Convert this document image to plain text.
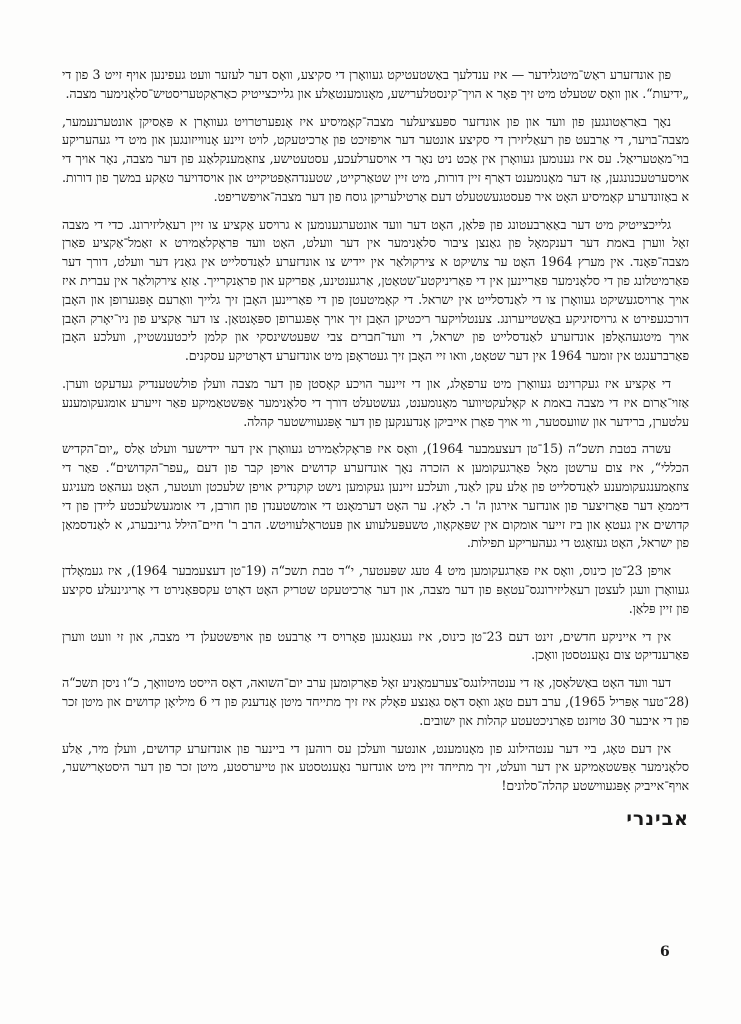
פון אונדזערע ראַש־מיטגלידער — איז ענדלעך באַשטעטיקט געוואָרן די סקיצע, וואָס דער לעזער וועט געפינען אויף זייט 3 פון די „ידיעות“. און וואָס שטעלט מיט זיך פאָר א הויך־קינסטלערישע, מאָנומענטאַלע און גלייכצייטיק כאַראַקטעריסטיש־סלאָנימער מצבה.

נאָך באַראַטונגען פון וועד און פון אונדזער ספּעציעלער מצבה־קאָמיסיע איז אָנפערטרויט געוואָרן א פּאַסיקן אונטערנעמער, מצבה־בויער, די אַרבעט פון רעאַליזירן די סקיצע אונטער דער אויפזיכט פון אַרכיטעקט, לויט זיינע אָנווייזונגען און מיט די געהעריקע בוי־מאַטעריאַל. עס איז גענומען געוואָרן אין אַכט ניט נאָר די אויסערלעכע, עסטעטישע, צוזאַמענקלאַנג פון דער מצבה, נאָר אויך די אויסערטעכנונגען, אַז דער מאָנומענט דאַרף זיין דורות, מיט זיין שטאַרקייט, שטענדהאַפטיקייט און אויסדויער טאַקע במשך פון דורות. א באַזונדערע קאָמיסיע האָט איר פעסטגעשטעלט דעם אַרטילעריקן גוסח פון דער מצבה־אויפשריפט.

גלייכצייטיק מיט דער באַאַרבעטונג פון פּלאַן, האָט דער וועד אונטערגענומען א גרויסע אַקציע צו זיין רעאַליזירונג. כדי די מצבה זאָל ווערן באמת דער דענקמאָל פון גאַנצן ציבור סלאָנימער אין דער וועלט, האָט וועד פּראָקלאַמירט א זאַמל־אַקציע פאַרן מצבה־פאָנד. אין מערץ 1964 האָט ער צושיקט א צירקולאַר אין יידיש צו אונדזערע לאַנדסלייט אין גאַנץ דער וועלט, דורך דער פאַרמיטלונג פון די סלאָנימער פאַריינען אין די פאַריניקטע־שטאַטן, אַרגענטינע, אַפריקע און פראַנקרייך. אַזאַ צירקולאַר אין עברית איז אויך אַרויסגעשיקט געוואָרן צו די לאַנדסלייט אין ישראל. די קאָמיטעטן פון די פאַריינען האָבן זיך גלייך וואַרעם אָפּגערופן און האָבן דורכגעפירט א גרויסזיגיקע באַשטייערונג. צענטלויקער ריכטיקן האָבן זיך אויך אָפּגערופן ספּאָנטאַן. צו דער אַקציע פון ניו־יאָרק האָבן אויך מיטגעהאָלפן אונדזערע לאַנדסלייט פון ישראל, די וועד־חברים צבי שפּעטשינסקי און קלמן ליכטענשטיין, וועלכע האָבן פאַרברענגט אין זומער 1964 אין דער שטאָט, וואו זיי האָבן זיך געטראָפן מיט אונדזערע דאָרטיקע עסקנים.

די אַקציע איז געקרוינט געוואָרן מיט ערפאָלג, און די זיינער הויכע קאָסטן פון דער מצבה וועלן פולשטענדיק געדעקט ווערן. אַזוי־אַרום איז די מצבה באמת א קאָלעקטיווער מאָנומענט, געשטעלט דורך די סלאָנימער אַפּשטאַמיקע פאַר זייערע אומגעקומענע עלטערן, ברידער און שוועסטער, ווי אויך פאַרן אייביקן אָנדענקען פון דער אָפּגעווישטער קהלה.

עשרה בטבת תשכ“ה (15־טן דעצעמבער 1964), וואָס איז פּראָקלאַמירט געוואָרן אין דער יידישער וועלט אַלס „יום־הקדיש הכללי“, איז צום ערשטן מאָל פאַרגעקומען א הזכרה נאָך אונדזערע קדושים אויפן קבר פון דעם „עפר־הקדושים“. פאַר די צוזאַמענגעקומענע לאַנדסלייט פון אַלע עקן לאַנד, וועלכע זיינען געקומען נישט קוקנדיק אויפן שלעכטן וועטער, האָט געהאַט מעניגע דיממאַ דער פאַרזיצער פון אונדזער אירגון ה' ר. לאַץ. ער האָט דערמאָנט די אומשטענדן פון חורבן, די אומגעשלעכטע ליידן פון די קדושים אין געטאָ און ביז זייער אומקום אין שפּאַקאָוו, טשעפּעלעווע און פּעטראַלעוויטש. הרב ר' חיים־הילל גרינבערג, א לאַנדסמאַן פון ישראל, האָט געזאָגט די געהעריקע תפילות.

אויפן 23־טן כינוס, וואָס איז פאַרגעקומען מיט 4 טעג שפּעטער, י“ד טבת תשכ“ה (19־טן דעצעמבער 1964), איז געמאָלדן געוואָרן וועגן לעצטן רעאַליזירונגס־עטאַפּ פון דער מצבה, און דער אַרכיטעקט שטריק האָט דאָרט עקספּאָנירט די אָריגינעלע סקיצע פון זיין פּלאַן.

אין די אייניקע חדשים, זינט דעם 23־טן כינוס, איז געגאַנגען פאָרויס די אַרבעט פון אויפשטעלן די מצבה, און זי וועט ווערן פאַרענדיקט צום נאָענטסטן וואָכן.

דער וועד האָט באַשלאָסן, אַז די ענטהילונגס־צערעמאָניע זאָל פאַרקומען ערב יום־השואה, דאָס הייסט מיטוואָך, כ“ו ניסן תשכ“ה (28־טער אַפּריל 1965), ערב דעם טאָג וואָס דאָס גאַנצע פאָלק איז זיך מתייחד מיטן אָנדענק פון די 6 מיליאָן קדושים און מיטן זכר פון די איבער 30 טויזנט פאַרניכטעטע קהלות און ישובים.

אין דעם טאָג, ביי דער ענטהילונג פון מאָנומענט, אונטער וועלכן עס רוהען די ביינער פון אונדזערע קדושים, וועלן מיר, אַלע סלאָנימער אַפּשטאַמיקע אין דער וועלט, זיך מתייחד זיין מיט אונדזער נאָענטסטע און טייערסטע, מיטן זכר פון דער היסטאָרישער, אויף־אייביק אָפּגעווישטע קהלה־סלונים!

אבינרי
6
